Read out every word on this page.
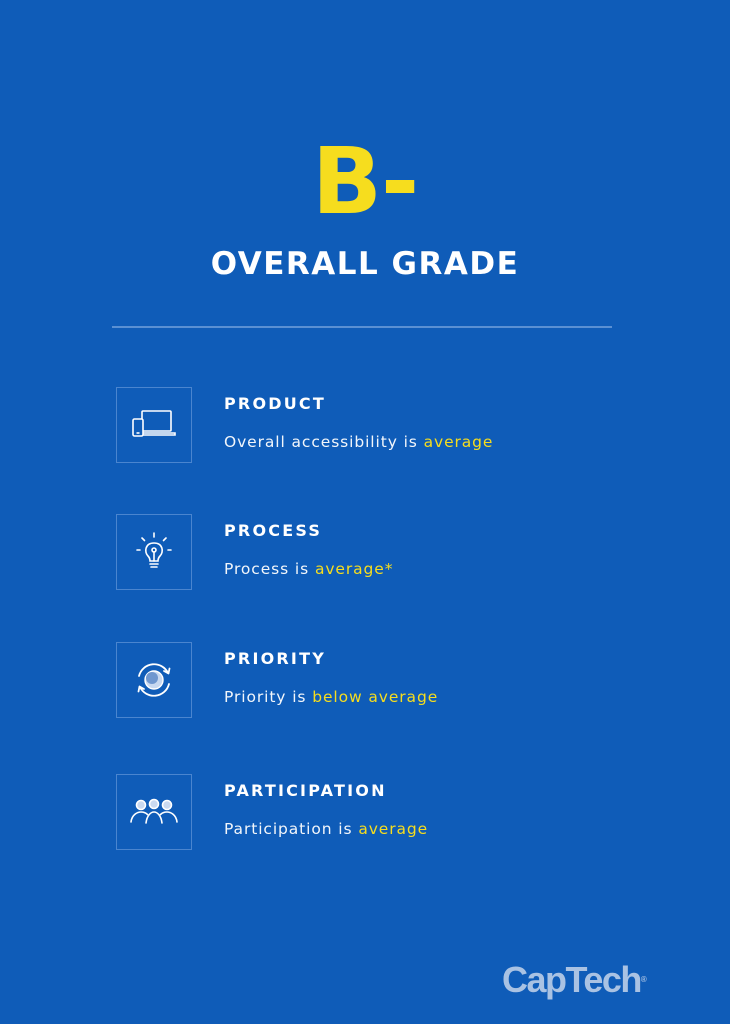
B-
OVERALL GRADE
PRODUCT
Overall accessibility is average
PROCESS
Process is average*
PRIORITY
Priority is below average
PARTICIPATION
Participation is average
CapTech®
